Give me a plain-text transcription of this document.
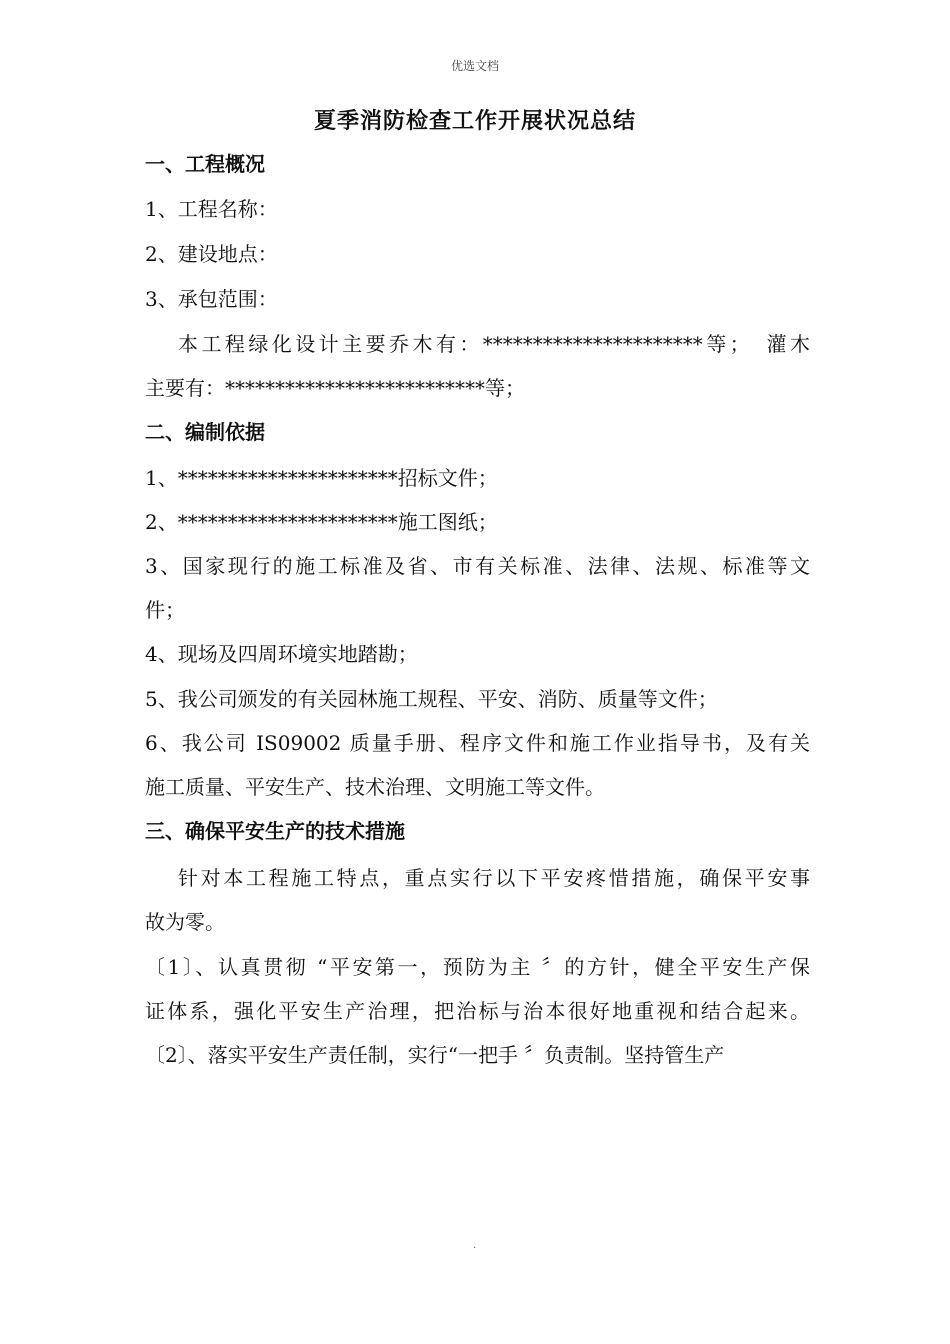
优选文档
夏季消防检查工作开展状况总结
一、工程概况
1、工程名称：
2、建设地点：
3、承包范围：
本工程绿化设计主要乔木有：**********************等；　灌木
主要有：**************************等；
二、编制依据
1、**********************招标文件；
2、**********************施工图纸；
3、国家现行的施工标准及省、市有关标准、法律、法规、标准等文
件；
4、现场及四周环境实地踏勘；
5、我公司颁发的有关园林施工规程、平安、消防、质量等文件；
6、我公司 IS09002 质量手册、程序文件和施工作业指导书，及有关
施工质量、平安生产、技术治理、文明施工等文件。
三、确保平安生产的技术措施
针对本工程施工特点，重点实行以下平安疼惜措施，确保平安事
故为零。
〔1〕、认真贯彻 “平安第一，预防为主 〞的方针，健全平安生产保
证体系，强化平安生产治理，把治标与治本很好地重视和结合起来。
〔2〕、落实平安生产责任制，实行“一把手 〞负责制。坚持管生产
.
